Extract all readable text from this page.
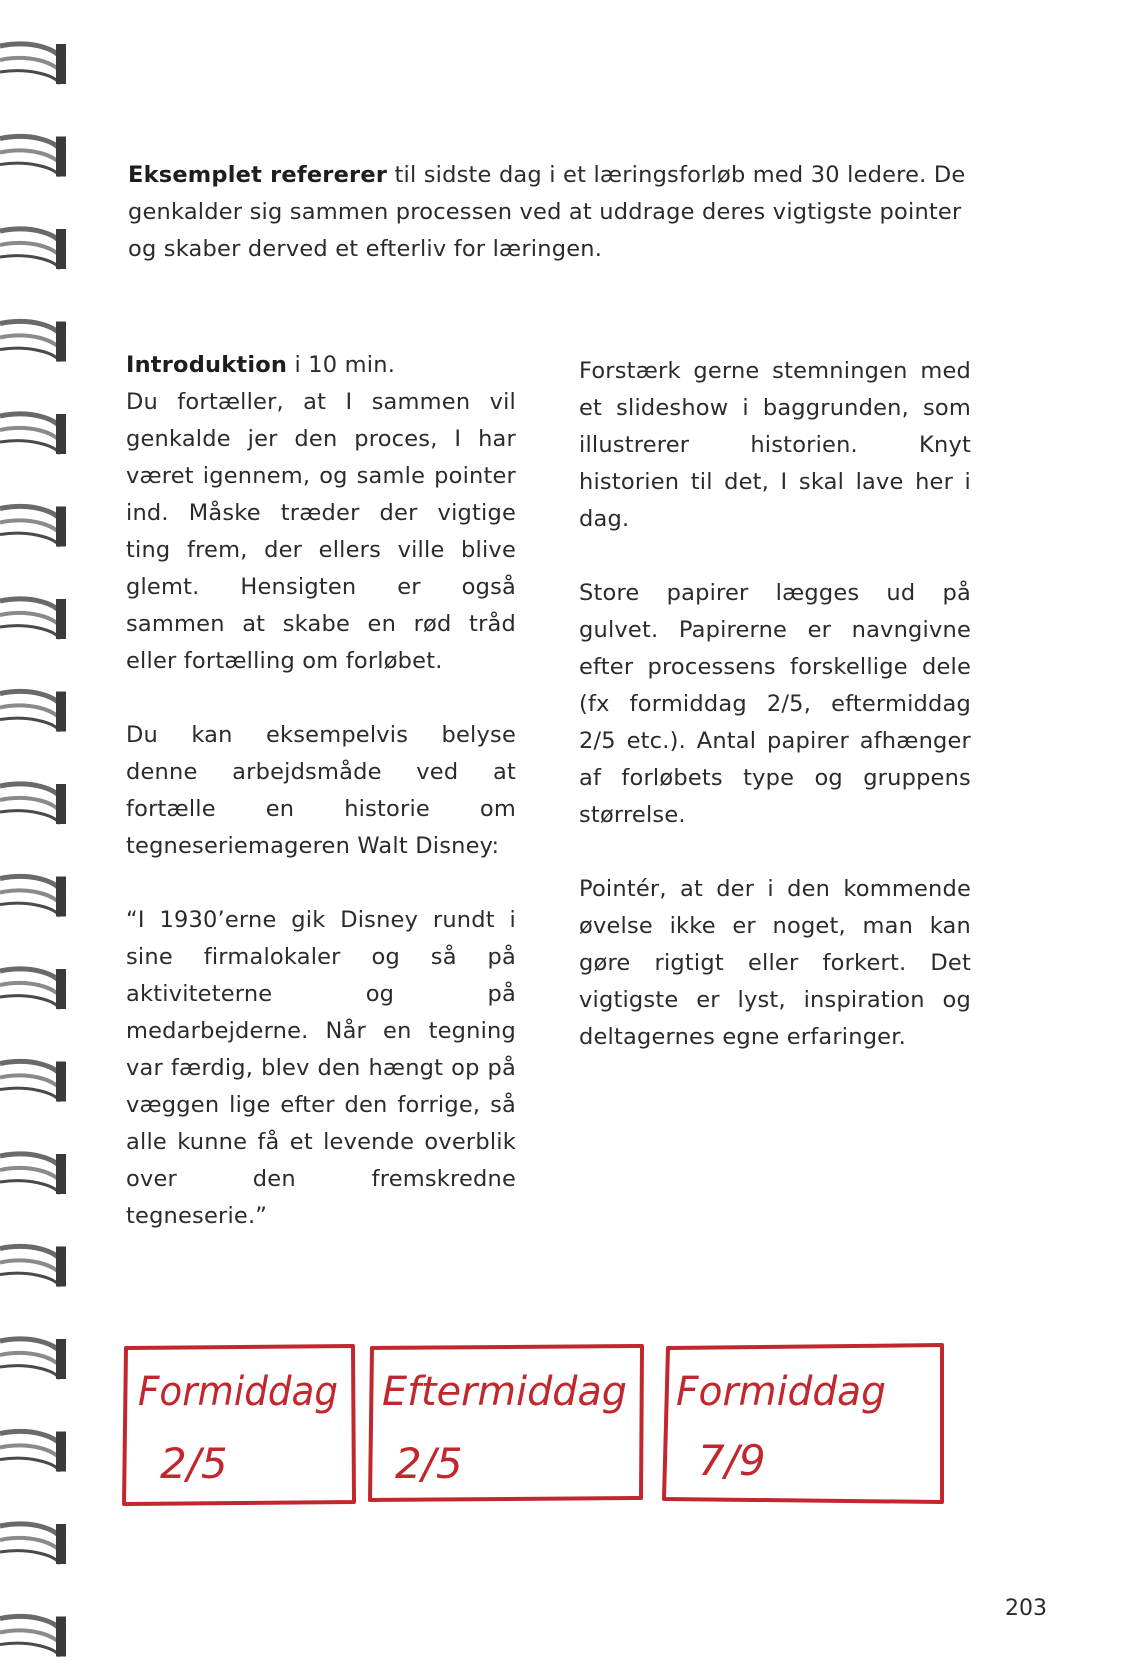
Eksemplet refererer til sidste dag i et læringsforløb med 30 ledere. De genkalder sig sammen processen ved at uddrage deres vigtigste pointer og skaber derved et efterliv for læringen.
Introduktion i 10 min.
Du fortæller, at I sammen vil genkalde jer den proces, I har været igennem, og samle pointer ind. Måske træder der vigtige ting frem, der ellers ville blive glemt. Hensigten er også sammen at skabe en rød tråd eller fortælling om forløbet.
Du kan eksempelvis belyse denne arbejdsmåde ved at fortælle en historie om tegneseriemageren Walt Disney:
“I 1930’erne gik Disney rundt i sine firmalokaler og så på aktiviteterne og på medarbejderne. Når en tegning var færdig, blev den hængt op på væggen lige efter den forrige, så alle kunne få et levende overblik over den fremskredne tegneserie.”
Forstærk gerne stemningen med et slideshow i baggrunden, som illustrerer historien. Knyt historien til det, I skal lave her i dag.
Store papirer lægges ud på gulvet. Papirerne er navngivne efter processens forskellige dele (fx formiddag 2/5, eftermiddag 2/5 etc.). Antal papirer afhænger af forløbets type og gruppens størrelse.
Pointér, at der i den kommende øvelse ikke er noget, man kan gøre rigtigt eller forkert. Det vigtigste er lyst, inspiration og deltagernes egne erfaringer.
Formiddag
2/5
Eftermiddag
2/5
Formiddag
7/9
203
